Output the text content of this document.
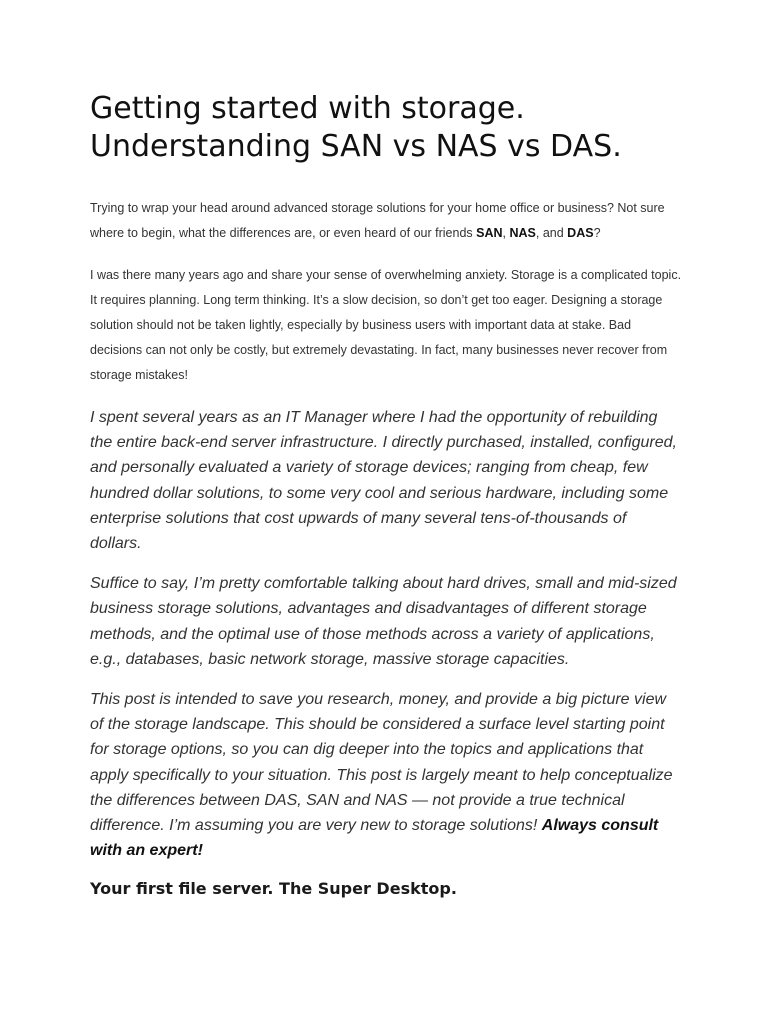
Getting started with storage.
Understanding SAN vs NAS vs DAS.

Trying to wrap your head around advanced storage solutions for your home office or business? Not sure where to begin, what the differences are, or even heard of our friends SAN, NAS, and DAS?

I was there many years ago and share your sense of overwhelming anxiety. Storage is a complicated topic. It requires planning. Long term thinking. It’s a slow decision, so don’t get too eager. Designing a storage solution should not be taken lightly, especially by business users with important data at stake. Bad decisions can not only be costly, but extremely devastating. In fact, many businesses never recover from storage mistakes!

I spent several years as an IT Manager where I had the opportunity of rebuilding the entire back-end server infrastructure. I directly purchased, installed, configured, and personally evaluated a variety of storage devices; ranging from cheap, few hundred dollar solutions, to some very cool and serious hardware, including some enterprise solutions that cost upwards of many several tens-of-thousands of dollars.

Suffice to say, I’m pretty comfortable talking about hard drives, small and mid-sized business storage solutions, advantages and disadvantages of different storage methods, and the optimal use of those methods across a variety of applications, e.g., databases, basic network storage, massive storage capacities.

This post is intended to save you research, money, and provide a big picture view of the storage landscape. This should be considered a surface level starting point for storage options, so you can dig deeper into the topics and applications that apply specifically to your situation. This post is largely meant to help conceptualize the differences between DAS, SAN and NAS — not provide a true technical difference. I’m assuming you are very new to storage solutions! Always consult with an expert!

Your first file server. The Super Desktop.
